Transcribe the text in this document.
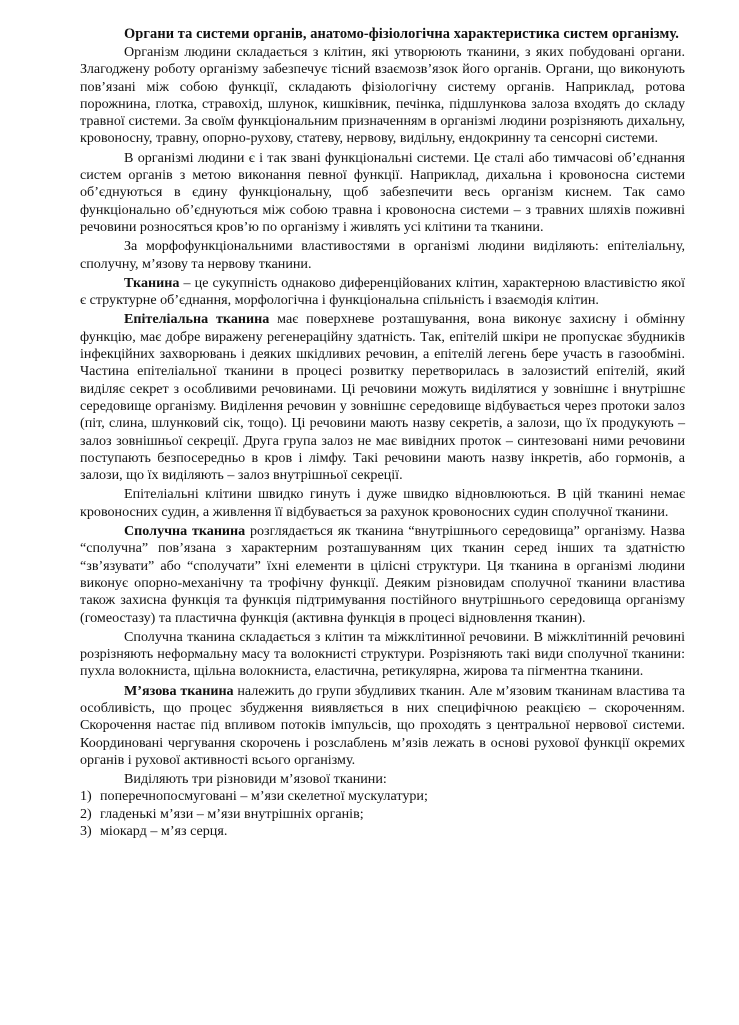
Органи та системи органів, анатомо-фізіологічна характеристика систем організму.

Організм людини складається з клітин, які утворюють тканини, з яких побудовані органи. Злагоджену роботу організму забезпечує тісний взаємозв’язок його органів. Органи, що виконують пов’язані між собою функції, складають фізіологічну систему органів. Наприклад, ротова порожнина, глотка, стравохід, шлунок, кишківник, печінка, підшлункова залоза входять до складу травної системи. За своїм функціональним призначенням в організмі людини розрізняють дихальну, кровоносну, травну, опорно-рухову, статеву, нервову, видільну, ендокринну та сенсорні системи.

В організмі людини є і так звані функціональні системи. Це сталі або тимчасові об’єднання систем органів з метою виконання певної функції. Наприклад, дихальна і кровоносна системи об’єднуються в єдину функціональну, щоб забезпечити весь організм киснем. Так само функціонально об’єднуються між собою травна і кровоносна системи – з травних шляхів поживні речовини розносяться кров’ю по організму і живлять усі клітини та тканини.

За морфофункціональними властивостями в організмі людини виділяють: епітеліальну, сполучну, м’язову та нервову тканини.

Тканина – це сукупність однаково диференційованих клітин, характерною властивістю якої є структурне об’єднання, морфологічна і функціональна спільність і взаємодія клітин.

Епітеліальна тканина має поверхневе розташування, вона виконує захисну і обмінну функцію, має добре виражену регенераційну здатність. Так, епітелій шкіри не пропускає збудників інфекційних захворювань і деяких шкідливих речовин, а епітелій легень бере участь в газообміні. Частина епітеліальної тканини в процесі розвитку перетворилась в залозистий епітелій, який виділяє секрет з особливими речовинами. Ці речовини можуть виділятися у зовнішнє і внутрішнє середовище організму. Виділення речовин у зовнішнє середовище відбувається через протоки залоз (піт, слина, шлунковий сік, тощо). Ці речовини мають назву секретів, а залози, що їх продукують – залоз зовнішньої секреції. Друга група залоз не має вивідних проток – синтезовані ними речовини поступають безпосередньо в кров і лімфу. Такі речовини мають назву інкретів, або гормонів, а залози, що їх виділяють – залоз внутрішньої секреції.

Епітеліальні клітини швидко гинуть і дуже швидко відновлюються. В цій тканині немає кровоносних судин, а живлення її відбувається за рахунок кровоносних судин сполучної тканини.

Сполучна тканина розглядається як тканина “внутрішнього середовища” організму. Назва “сполучна” пов’язана з характерним розташуванням цих тканин серед інших та здатністю “зв’язувати” або “сполучати” їхні елементи в цілісні структури. Ця тканина в організмі людини виконує опорно-механічну та трофічну функції. Деяким різновидам сполучної тканини властива також захисна функція та функція підтримування постійного внутрішнього середовища організму (гомеостазу) та пластична функція (активна функція в процесі відновлення тканин).

Сполучна тканина складається з клітин та міжклітинної речовини. В міжклітинній речовині розрізняють неформальну масу та волокнисті структури. Розрізняють такі види сполучної тканини: пухла волокниста, щільна волокниста, еластична, ретикулярна, жирова та пігментна тканини.

М’язова тканина належить до групи збудливих тканин. Але м’язовим тканинам властива та особливість, що процес збудження виявляється в них специфічною реакцією – скороченням. Скорочення настає під впливом потоків імпульсів, що проходять з центральної нервової системи. Координовані чергування скорочень і розслаблень м’язів лежать в основі рухової функції окремих органів і рухової активності всього організму.

Виділяють три різновиди м’язової тканини:

1) поперечнопосмуговані – м’язи скелетної мускулатури;
2) гладенькі м’язи – м’язи внутрішніх органів;
3) міокард – м’яз серця.
